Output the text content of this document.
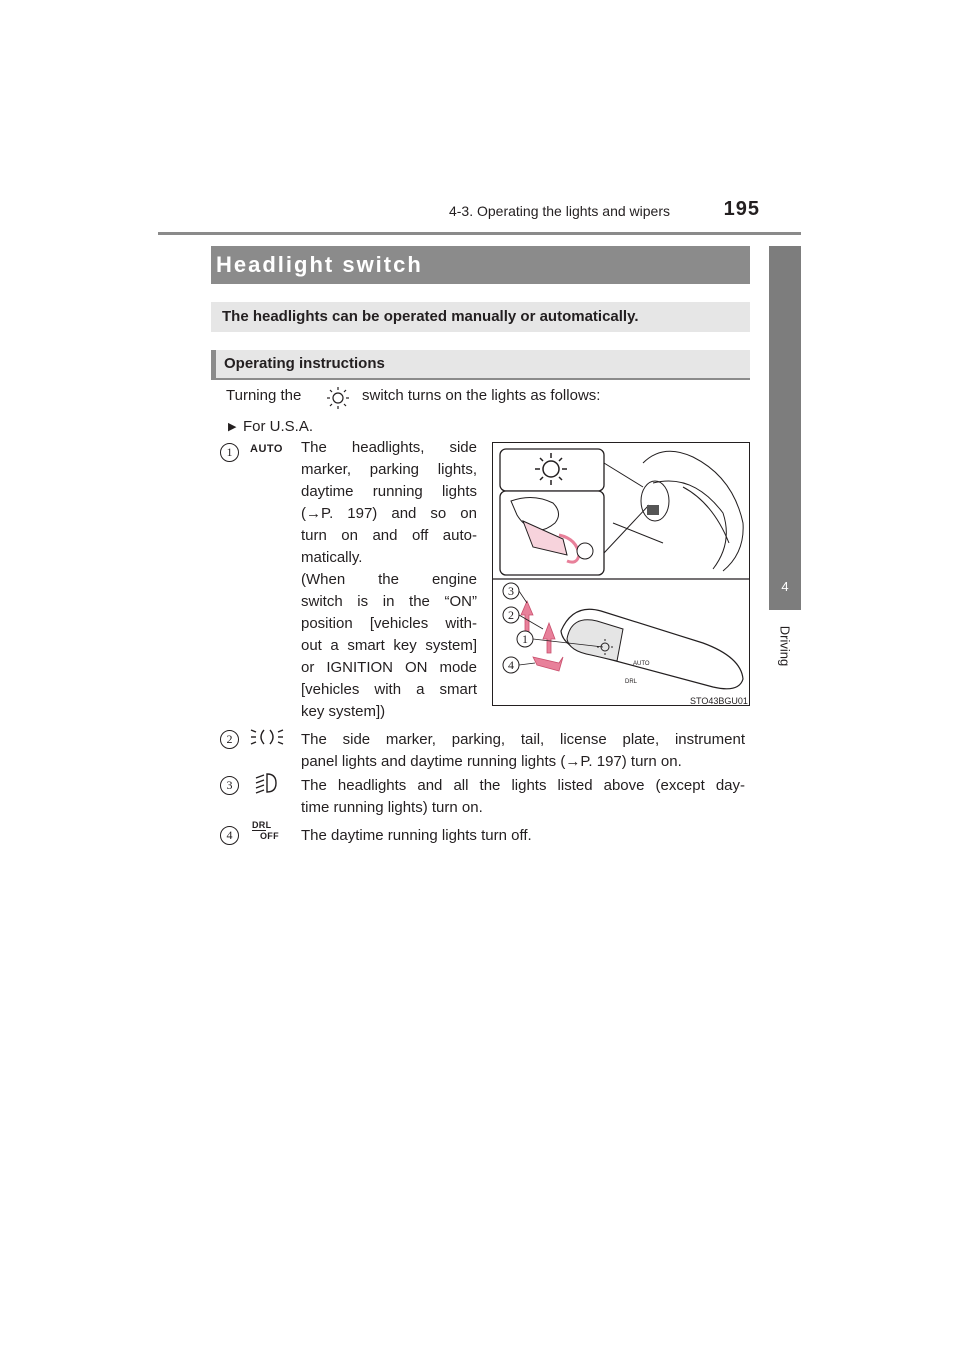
4-3. Operating the lights and wipers	195
4
Driving
Headlight switch
The headlights can be operated manually or automatically.
Operating instructions
Turning the	switch turns on the lights as follows:
▶ For U.S.A.
1	AUTO The headlights, side
marker, parking lights,
daytime running lights
(→P. 197) and so on
turn on and off auto-
matically.
(When the engine
switch is in the “ON”
position [vehicles with-
out a smart key system]
or IGNITION ON mode
[vehicles with a smart
key system])
AUTO
DRL
3
2
1
4
STO43BGU01
2	The side marker, parking, tail, license plate, instrument
panel lights and daytime running lights (→P. 197) turn on.
3	The headlights and all the lights listed above (except day-
time running lights) turn on.
4
DRL
OFF The daytime running lights turn off.
